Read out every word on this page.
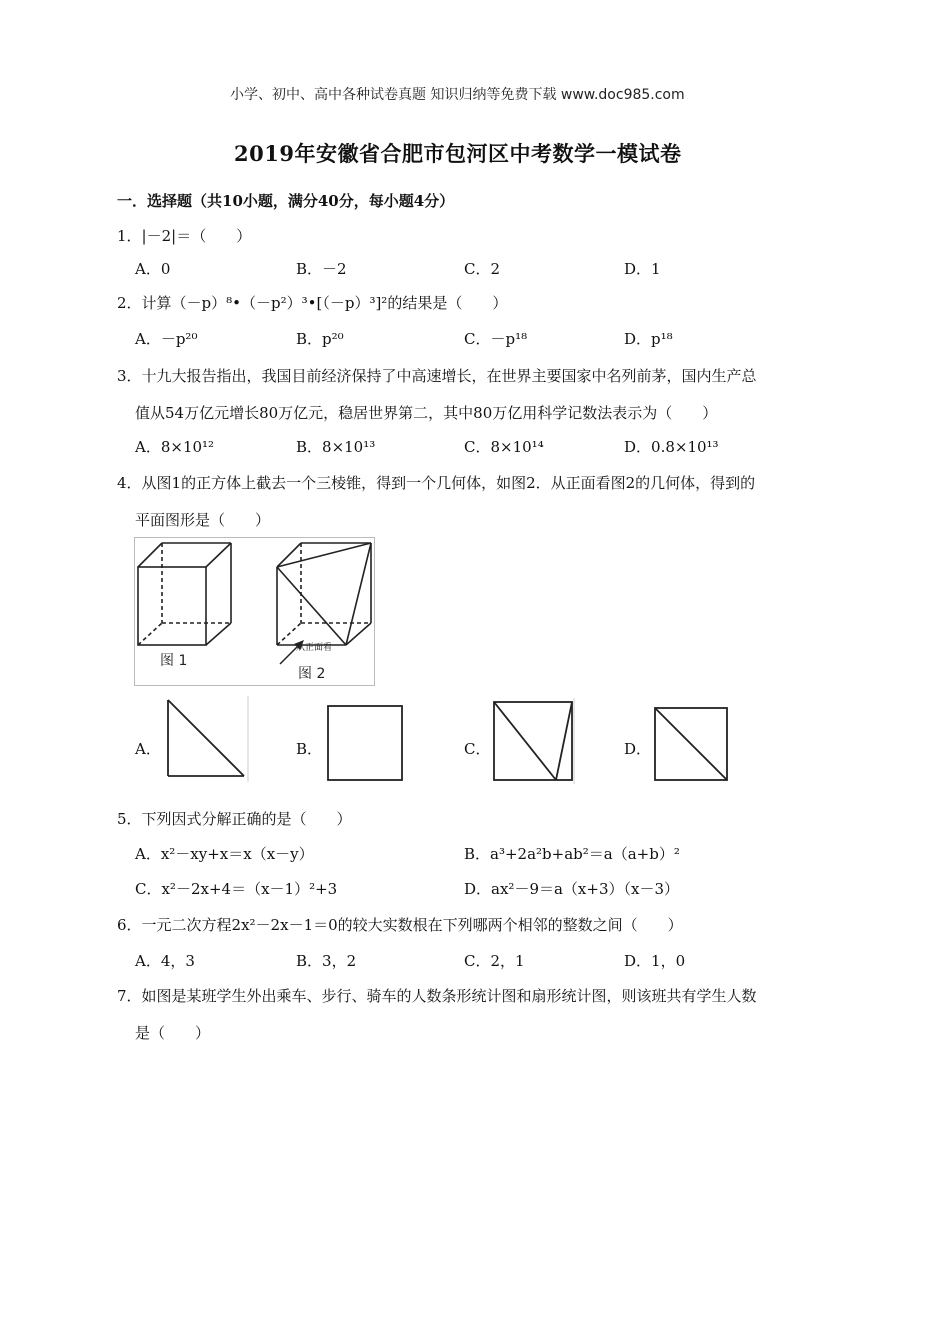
小学、初中、高中各种试卷真题 知识归纳等免费下载 www.doc985.com
2019年安徽省合肥市包河区中考数学一模试卷
一．选择题（共10小题，满分40分，每小题4分）
1．|－2|＝（　　）
A．0	B．－2	C．2	D．1
2．计算（－p）⁸•（－p²）³•[（－p）³]²的结果是（　　）
A．－p²⁰	B．p²⁰	C．－p¹⁸	D．p¹⁸
3．十九大报告指出，我国目前经济保持了中高速增长，在世界主要国家中名列前茅，国内生产总
值从54万亿元增长80万亿元，稳居世界第二，其中80万亿用科学记数法表示为（　　）
A．8×10¹²	B．8×10¹³	C．8×10¹⁴	D．0.8×10¹³
4．从图1的正方体上截去一个三棱锥，得到一个几何体，如图2．从正面看图2的几何体，得到的
平面图形是（　　）
从正面看
图 1
图 2
A．	B．	C．	D．
5．下列因式分解正确的是（　　）
A．x²－xy+x＝x（x－y）	B．a³+2a²b+ab²＝a（a+b）²
C．x²－2x+4＝（x－1）²+3	D．ax²－9＝a（x+3）（x－3）
6．一元二次方程2x²－2x－1＝0的较大实数根在下列哪两个相邻的整数之间（　　）
A．4，3	B．3，2	C．2，1	D．1，0
7．如图是某班学生外出乘车、步行、骑车的人数条形统计图和扇形统计图，则该班共有学生人数
是（　　）
